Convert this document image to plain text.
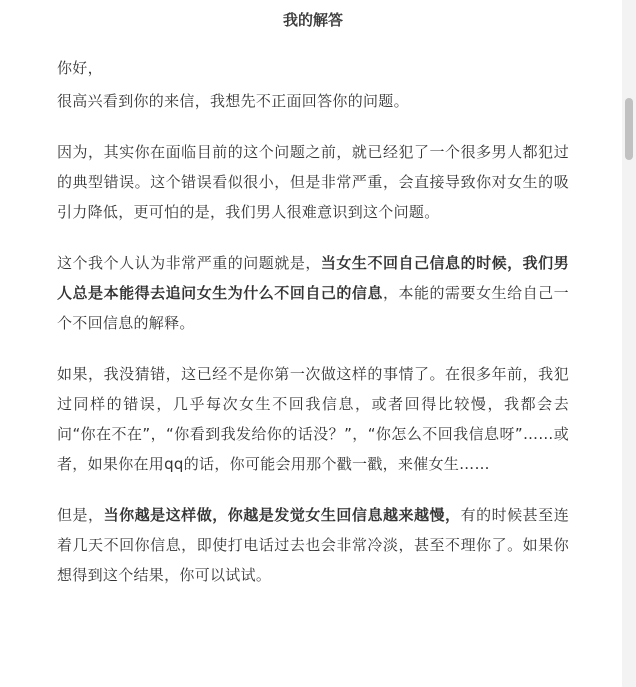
我的解答

你好，

很高兴看到你的来信，我想先不正面回答你的问题。

因为，其实你在面临目前的这个问题之前，就已经犯了一个很多男人都犯过的典型错误。这个错误看似很小，但是非常严重，会直接导致你对女生的吸引力降低，更可怕的是，我们男人很难意识到这个问题。

这个我个人认为非常严重的问题就是，当女生不回自己信息的时候，我们男人总是本能得去追问女生为什么不回自己的信息，本能的需要女生给自己一个不回信息的解释。

如果，我没猜错，这已经不是你第一次做这样的事情了。在很多年前，我犯过同样的错误，几乎每次女生不回我信息，或者回得比较慢，我都会去问“你在不在”，“你看到我发给你的话没？”，“你怎么不回我信息呀”……或者，如果你在用qq的话，你可能会用那个戳一戳，来催女生……

但是，当你越是这样做，你越是发觉女生回信息越来越慢，有的时候甚至连着几天不回你信息，即使打电话过去也会非常冷淡，甚至不理你了。如果你想得到这个结果，你可以试试。
